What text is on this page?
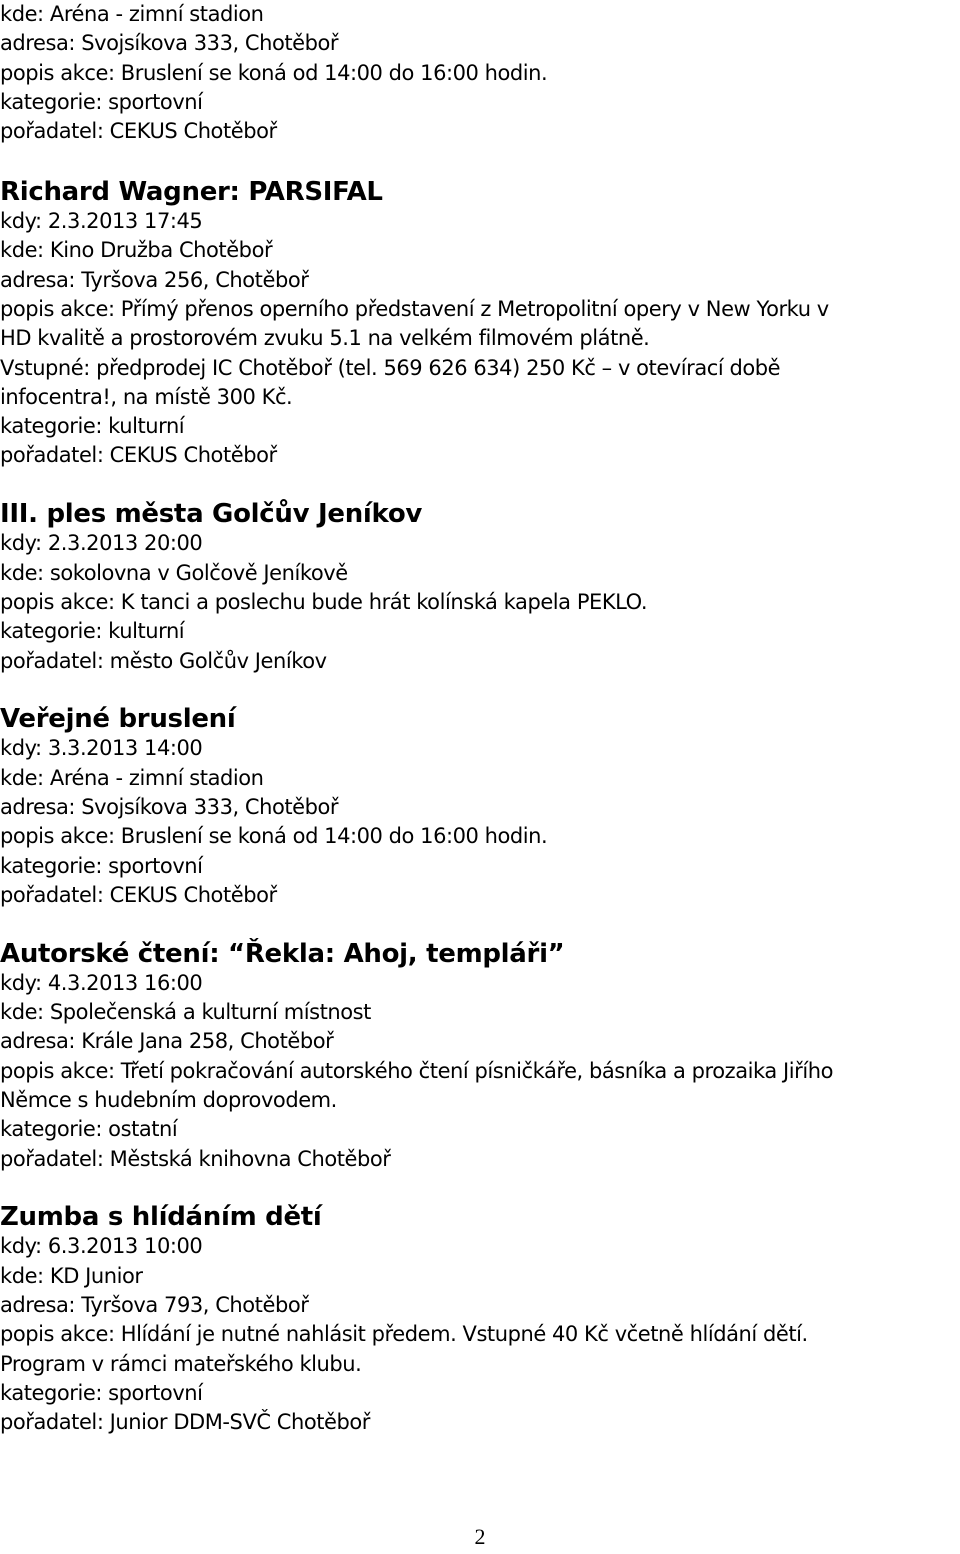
kde: Aréna - zimní stadion
adresa: Svojsíkova 333, Chotěboř
popis akce: Bruslení se koná od 14:00 do 16:00 hodin.
kategorie: sportovní
pořadatel: CEKUS Chotěboř
Richard Wagner: PARSIFAL
kdy: 2.3.2013 17:45
kde: Kino Družba Chotěboř
adresa: Tyršova 256, Chotěboř
popis akce: Přímý přenos operního představení z Metropolitní opery v New Yorku v
HD kvalitě a prostorovém zvuku 5.1 na velkém filmovém plátně.
Vstupné: předprodej IC Chotěboř (tel. 569 626 634) 250 Kč – v otevírací době
infocentra!, na místě 300 Kč.
kategorie: kulturní
pořadatel: CEKUS Chotěboř
III. ples města Golčův Jeníkov
kdy: 2.3.2013 20:00
kde: sokolovna v Golčově Jeníkově
popis akce: K tanci a poslechu bude hrát kolínská kapela PEKLO.
kategorie: kulturní
pořadatel: město Golčův Jeníkov
Veřejné bruslení
kdy: 3.3.2013 14:00
kde: Aréna - zimní stadion
adresa: Svojsíkova 333, Chotěboř
popis akce: Bruslení se koná od 14:00 do 16:00 hodin.
kategorie: sportovní
pořadatel: CEKUS Chotěboř
Autorské čtení: “Řekla: Ahoj, templáři”
kdy: 4.3.2013 16:00
kde: Společenská a kulturní místnost
adresa: Krále Jana 258, Chotěboř
popis akce: Třetí pokračování autorského čtení písničkáře, básníka a prozaika Jiřího
Němce s hudebním doprovodem.
kategorie: ostatní
pořadatel: Městská knihovna Chotěboř
Zumba s hlídáním dětí
kdy: 6.3.2013 10:00
kde: KD Junior
adresa: Tyršova 793, Chotěboř
popis akce: Hlídání je nutné nahlásit předem. Vstupné 40 Kč včetně hlídání dětí.
Program v rámci mateřského klubu.
kategorie: sportovní
pořadatel: Junior DDM-SVČ Chotěboř
2
